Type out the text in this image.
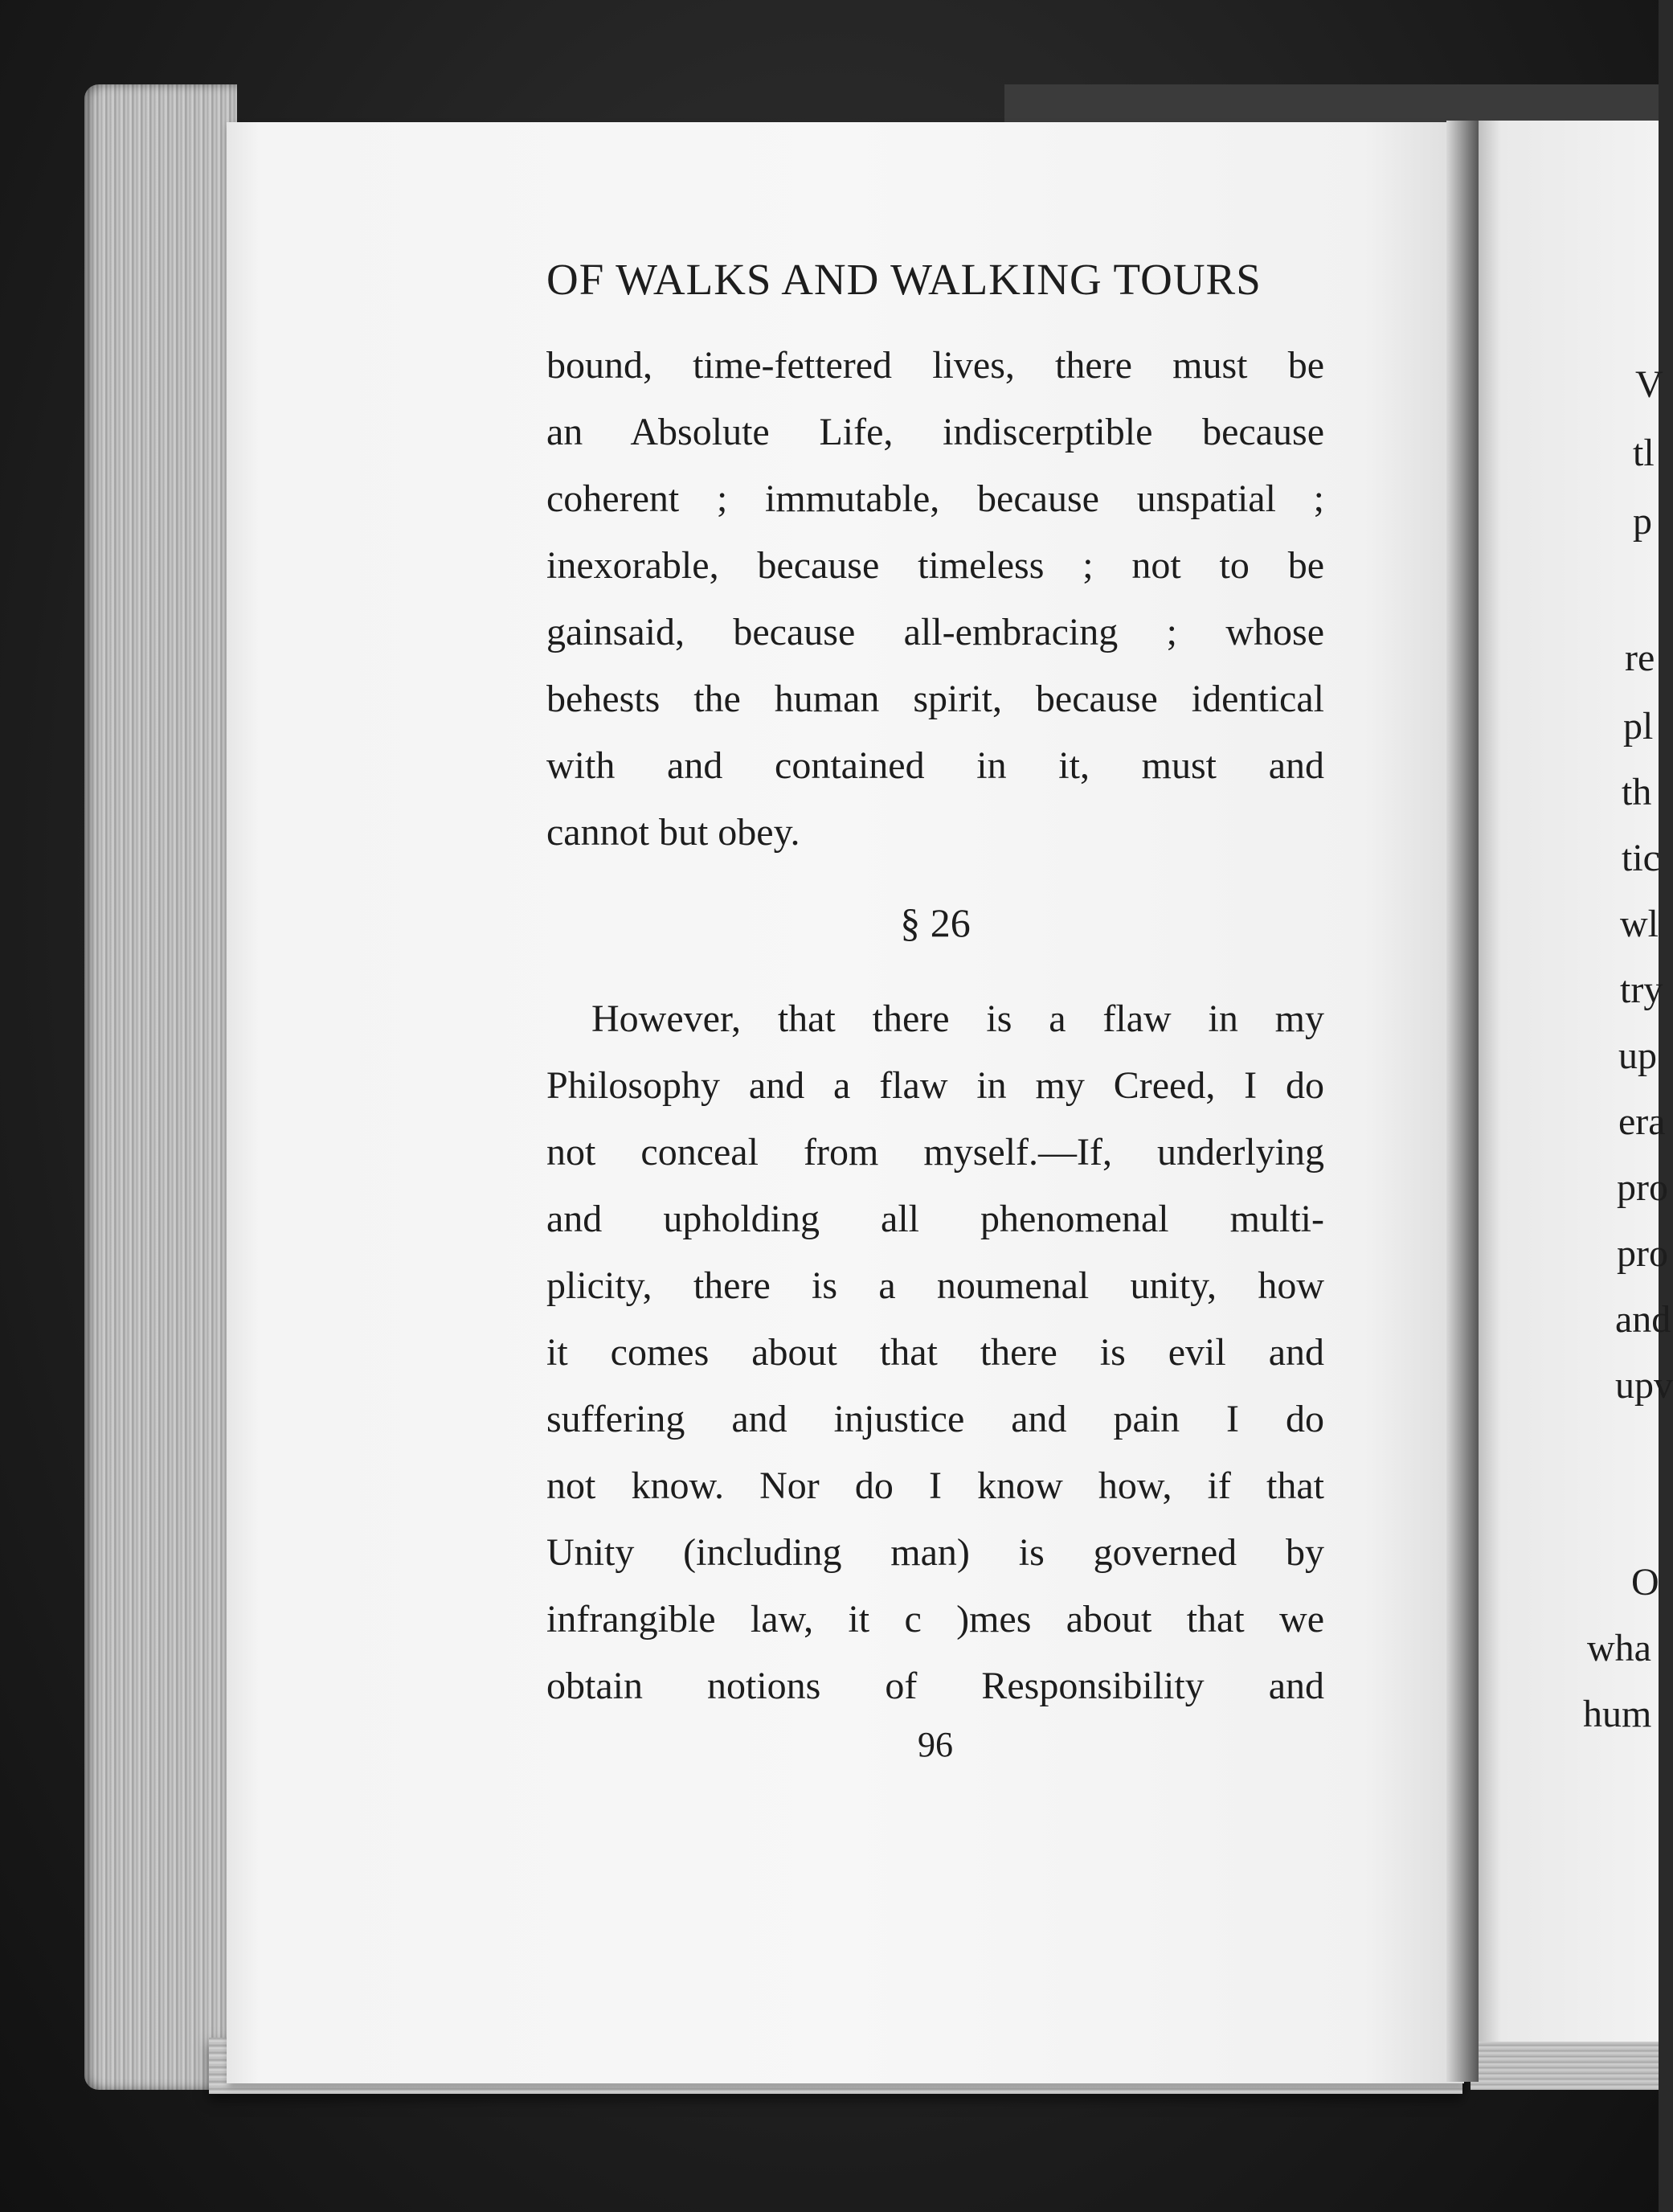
OF WALKS AND WALKING TOURS
bound, time-fettered lives, there must be
an Absolute Life, indiscerptible because
coherent ; immutable, because unspatial ;
inexorable, because timeless ; not to be
gainsaid, because all-embracing ; whose
behests the human spirit, because identical
with and contained in it, must and
cannot but obey.
§ 26
However, that there is a flaw in my
Philosophy and a flaw in my Creed, I do
not conceal from myself.—If, underlying
and upholding all phenomenal multi-
plicity, there is a noumenal unity, how
it comes about that there is evil and
suffering and injustice and pain I do
not know. Nor do I know how, if that
Unity (including man) is governed by
infrangible law, it c )mes about that we
obtain notions of Responsibility and
96
V
tl
p
re
pl
th
tic
wl
try
up
era
pro
pro
and
upv
O
wha
hum
